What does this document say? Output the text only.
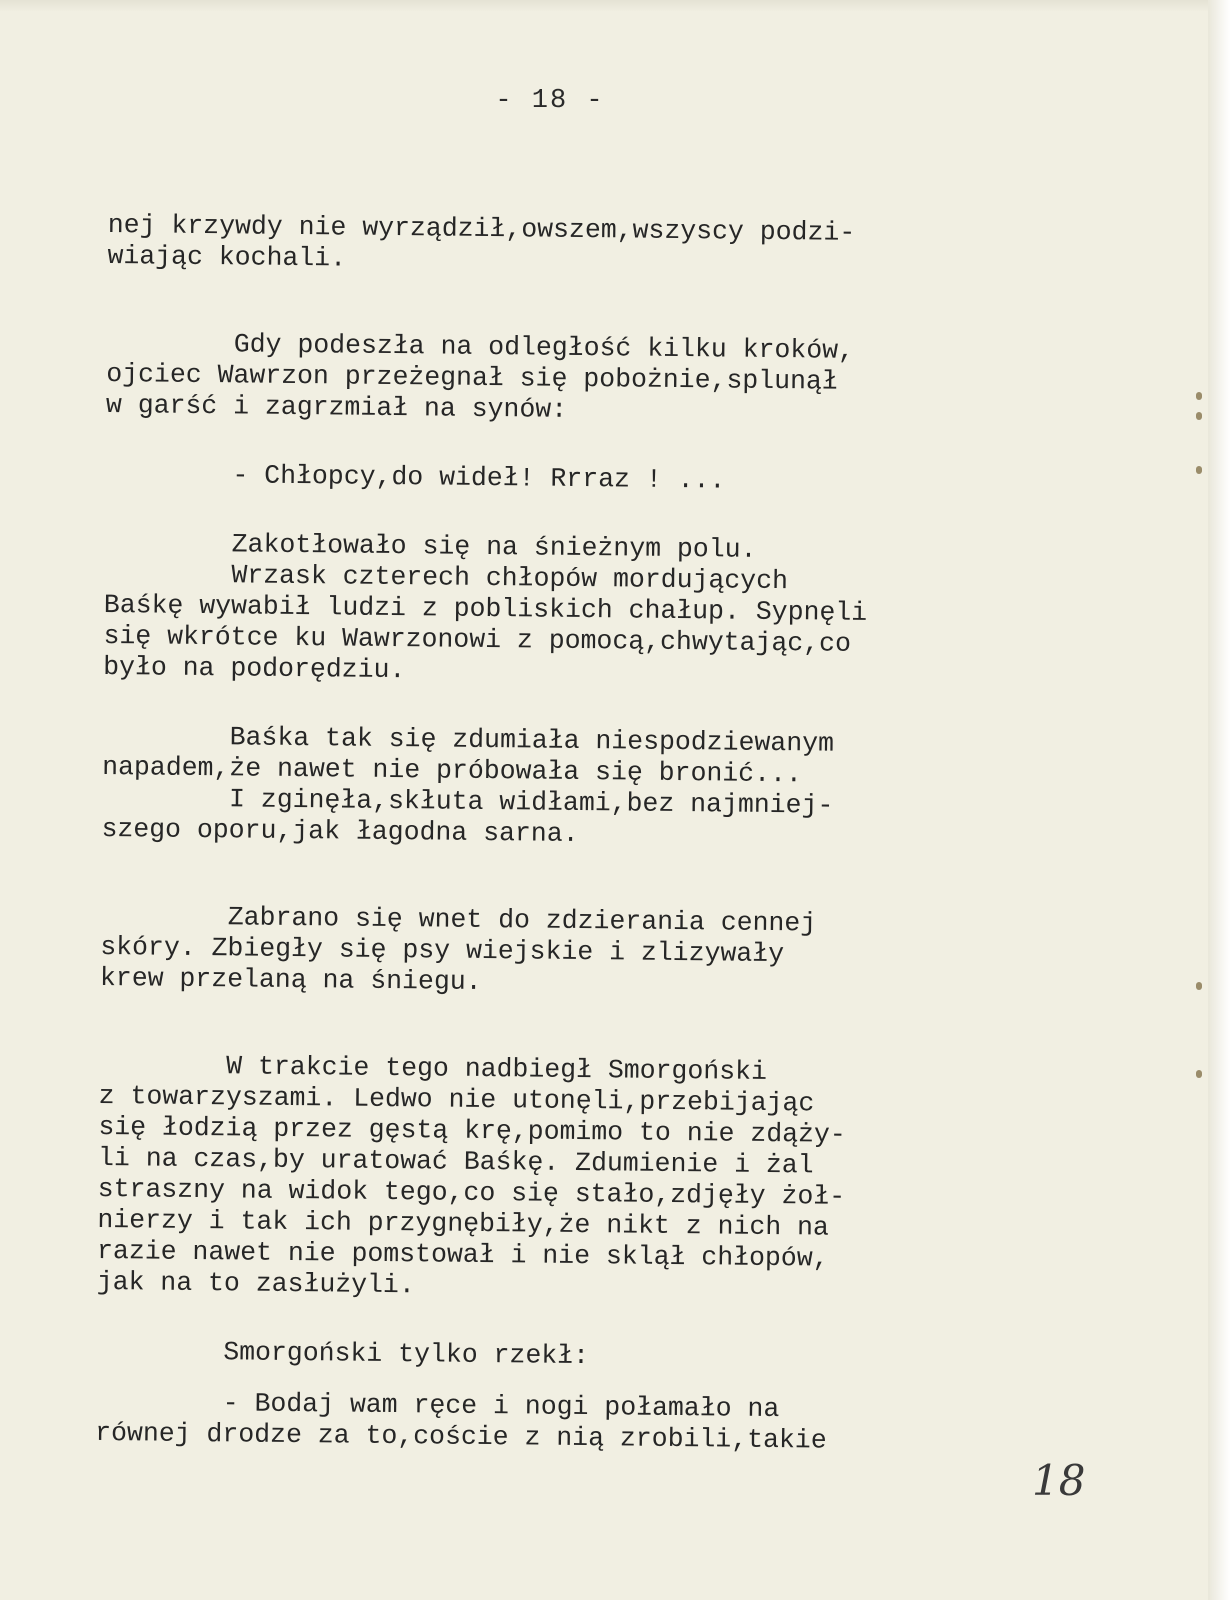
- 18 -
nej krzywdy nie wyrządził,owszem,wszyscy podzi-
wiając kochali.
Gdy podeszła na odległość kilku kroków,
ojciec Wawrzon przeżegnał się pobożnie,splunął
w garść i zagrzmiał na synów:
- Chłopcy,do wideł! Rrraz ! ...
Zakotłowało się na śnieżnym polu.
Wrzask czterech chłopów mordujących
Baśkę wywabił ludzi z pobliskich chałup. Sypnęli
się wkrótce ku Wawrzonowi z pomocą,chwytając,co
było na podorędziu.
Baśka tak się zdumiała niespodziewanym
napadem,że nawet nie próbowała się bronić...
I zginęła,skłuta widłami,bez najmniej-
szego oporu,jak łagodna sarna.
Zabrano się wnet do zdzierania cennej
skóry. Zbiegły się psy wiejskie i zlizywały
krew przelaną na śniegu.
W trakcie tego nadbiegł Smorgoński
z towarzyszami. Ledwo nie utonęli,przebijając
się łodzią przez gęstą krę,pomimo to nie zdąży-
li na czas,by uratować Baśkę. Zdumienie i żal
straszny na widok tego,co się stało,zdjęły żoł-
nierzy i tak ich przygnębiły,że nikt z nich na
razie nawet nie pomstował i nie sklął chłopów,
jak na to zasłużyli.
Smorgoński tylko rzekł:
- Bodaj wam ręce i nogi połamało na
równej drodze za to,coście z nią zrobili,takie
18
